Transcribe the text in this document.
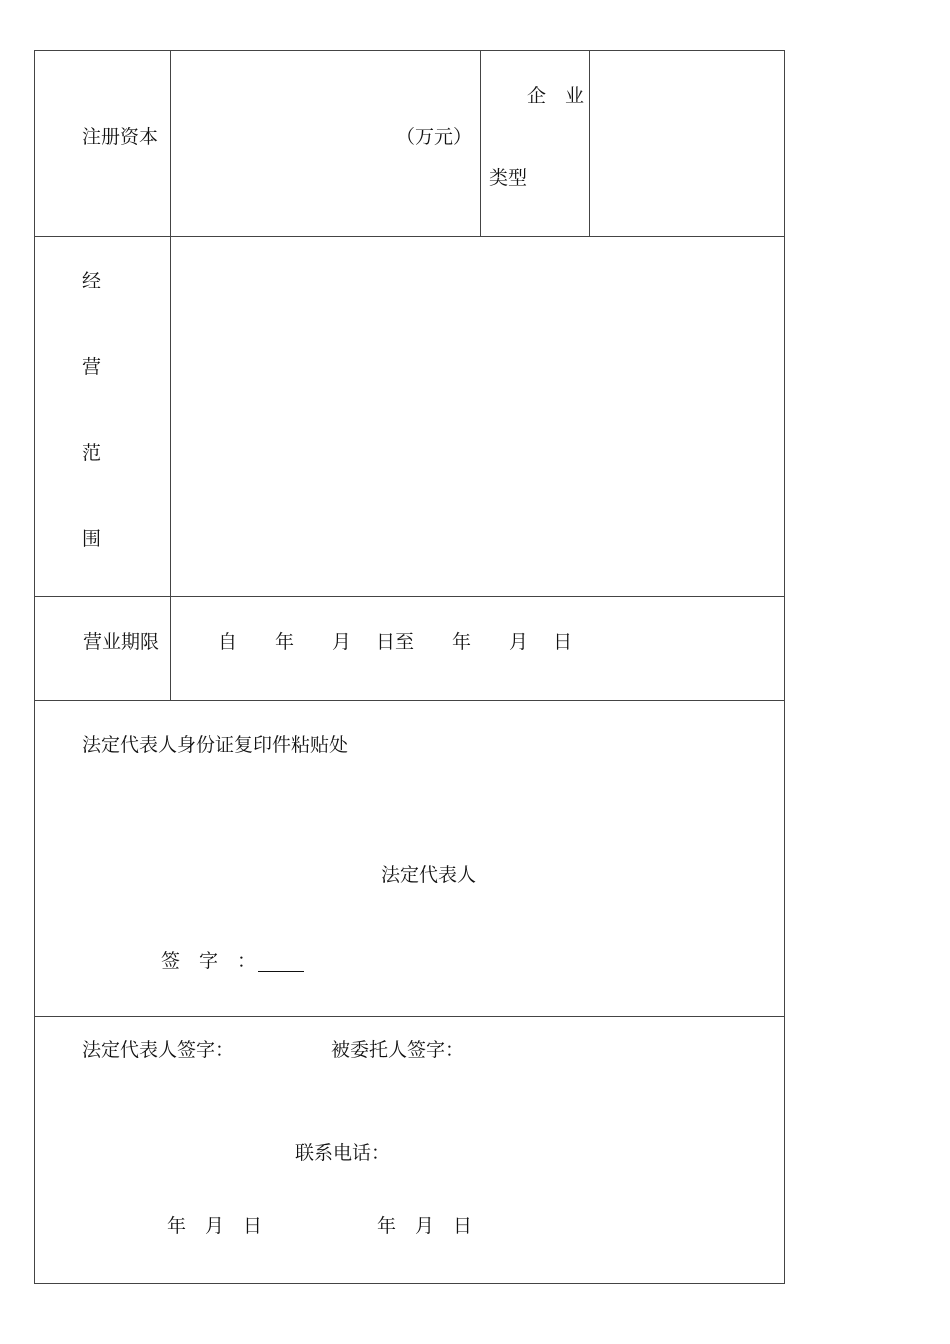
注册资本	（万元）
企　业
类型
经
营
范
围
营业期限	自　　年　　月　 日至　　年　　月　 日
法定代表人身份证复印件粘贴处
法定代表人
签　字　：
法定代表人签字：	被委托人签字：
联系电话：
年　月　日	年　月　日
